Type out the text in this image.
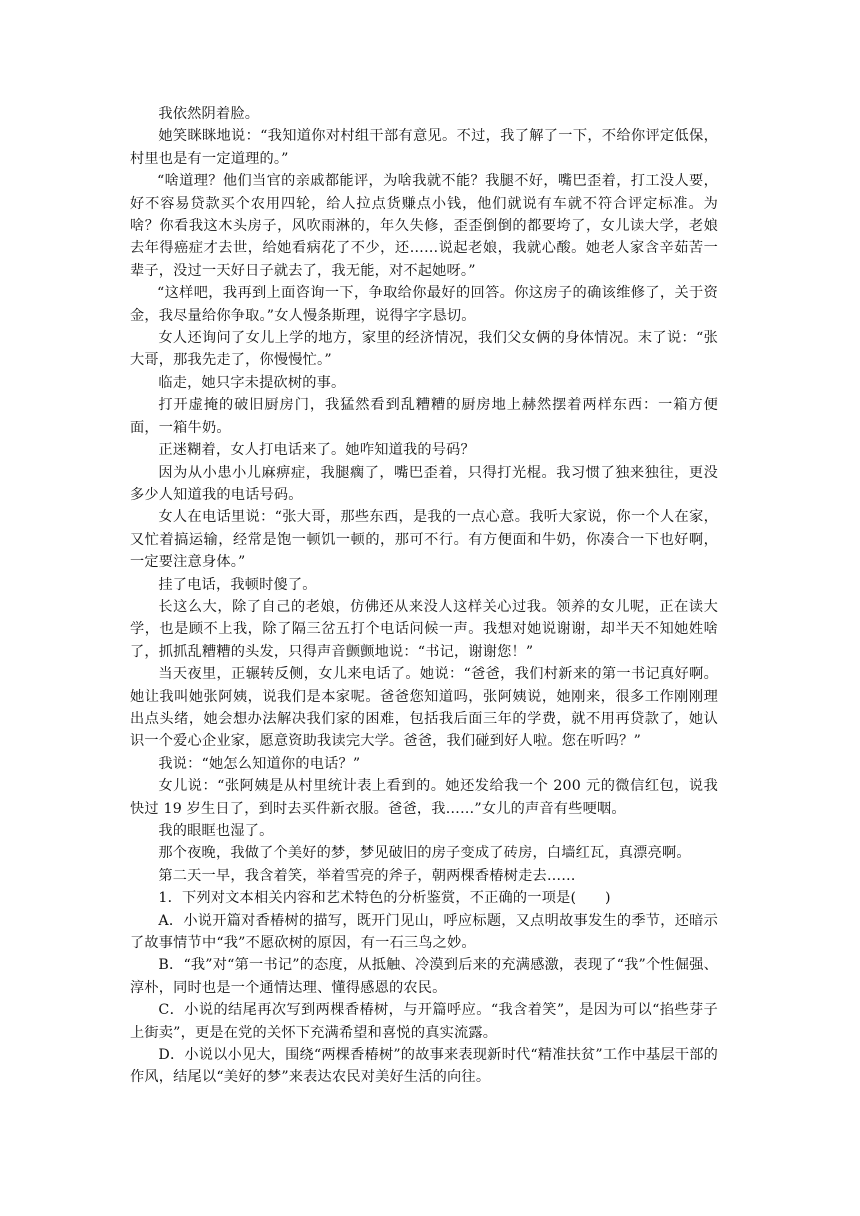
我依然阴着脸。

她笑眯眯地说：“我知道你对村组干部有意见。不过，我了解了一下，不给你评定低保，村里也是有一定道理的。”

“啥道理？他们当官的亲戚都能评，为啥我就不能？我腿不好，嘴巴歪着，打工没人要，好不容易贷款买个农用四轮，给人拉点货赚点小钱，他们就说有车就不符合评定标准。为啥？你看我这木头房子，风吹雨淋的，年久失修，歪歪倒倒的都要垮了，女儿读大学，老娘去年得癌症才去世，给她看病花了不少，还……说起老娘，我就心酸。她老人家含辛茹苦一辈子，没过一天好日子就去了，我无能，对不起她呀。”

“这样吧，我再到上面咨询一下，争取给你最好的回答。你这房子的确该维修了，关于资金，我尽量给你争取。”女人慢条斯理，说得字字恳切。

女人还询问了女儿上学的地方，家里的经济情况，我们父女俩的身体情况。末了说：“张大哥，那我先走了，你慢慢忙。”

临走，她只字未提砍树的事。

打开虚掩的破旧厨房门，我猛然看到乱糟糟的厨房地上赫然摆着两样东西：一箱方便面，一箱牛奶。

正迷糊着，女人打电话来了。她咋知道我的号码？

因为从小患小儿麻痹症，我腿瘸了，嘴巴歪着，只得打光棍。我习惯了独来独往，更没多少人知道我的电话号码。

女人在电话里说：“张大哥，那些东西，是我的一点心意。我听大家说，你一个人在家，又忙着搞运输，经常是饱一顿饥一顿的，那可不行。有方便面和牛奶，你凑合一下也好啊，一定要注意身体。”

挂了电话，我顿时傻了。

长这么大，除了自己的老娘，仿佛还从来没人这样关心过我。领养的女儿呢，正在读大学，也是顾不上我，除了隔三岔五打个电话问候一声。我想对她说谢谢，却半天不知她姓啥了，抓抓乱糟糟的头发，只得声音颤颤地说：“书记，谢谢您！”

当天夜里，正辗转反侧，女儿来电话了。她说：“爸爸，我们村新来的第一书记真好啊。她让我叫她张阿姨，说我们是本家呢。爸爸您知道吗，张阿姨说，她刚来，很多工作刚刚理出点头绪，她会想办法解决我们家的困难，包括我后面三年的学费，就不用再贷款了，她认识一个爱心企业家，愿意资助我读完大学。爸爸，我们碰到好人啦。您在听吗？”

我说：“她怎么知道你的电话？”

女儿说：“张阿姨是从村里统计表上看到的。她还发给我一个 200 元的微信红包，说我快过 19 岁生日了，到时去买件新衣服。爸爸，我……”女儿的声音有些哽咽。

我的眼眶也湿了。

那个夜晚，我做了个美好的梦，梦见破旧的房子变成了砖房，白墙红瓦，真漂亮啊。

第二天一早，我含着笑，举着雪亮的斧子，朝两棵香椿树走去……

1．下列对文本相关内容和艺术特色的分析鉴赏，不正确的一项是(　　)

A．小说开篇对香椿树的描写，既开门见山，呼应标题，又点明故事发生的季节，还暗示了故事情节中“我”不愿砍树的原因，有一石三鸟之妙。

B．“我”对“第一书记”的态度，从抵触、冷漠到后来的充满感激，表现了“我”个性倔强、淳朴，同时也是一个通情达理、懂得感恩的农民。

C．小说的结尾再次写到两棵香椿树，与开篇呼应。“我含着笑”，是因为可以“掐些芽子上街卖”，更是在党的关怀下充满希望和喜悦的真实流露。

D．小说以小见大，围绕“两棵香椿树”的故事来表现新时代“精准扶贫”工作中基层干部的作风，结尾以“美好的梦”来表达农民对美好生活的向往。
